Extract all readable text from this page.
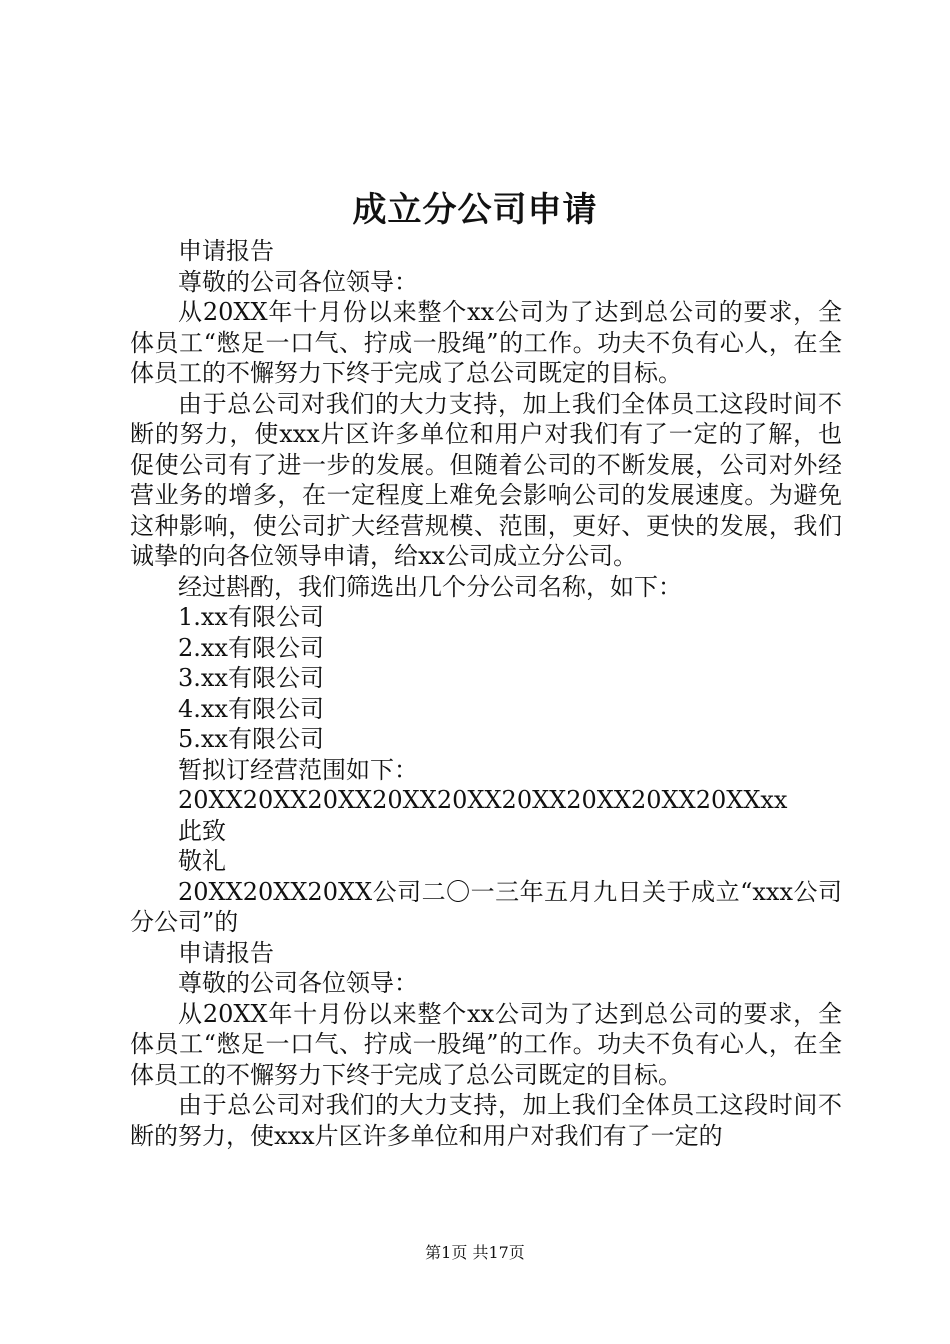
成立分公司申请

申请报告

尊敬的公司各位领导：

从20XX年十月份以来整个xx公司为了达到总公司的要求，全体员工“憋足一口气、拧成一股绳”的工作。功夫不负有心人，在全体员工的不懈努力下终于完成了总公司既定的目标。

由于总公司对我们的大力支持，加上我们全体员工这段时间不断的努力，使xxx片区许多单位和用户对我们有了一定的了解，也促使公司有了进一步的发展。但随着公司的不断发展，公司对外经营业务的增多，在一定程度上难免会影响公司的发展速度。为避免这种影响，使公司扩大经营规模、范围，更好、更快的发展，我们诚挚的向各位领导申请，给xx公司成立分公司。

经过斟酌，我们筛选出几个分公司名称，如下：

1.xx有限公司

2.xx有限公司

3.xx有限公司

4.xx有限公司

5.xx有限公司

暂拟订经营范围如下：

20XX20XX20XX20XX20XX20XX20XX20XX20XXxx

此致

敬礼

20XX20XX20XX公司二〇一三年五月九日关于成立“xxx公司分公司”的

申请报告

尊敬的公司各位领导：

从20XX年十月份以来整个xx公司为了达到总公司的要求，全体员工“憋足一口气、拧成一股绳”的工作。功夫不负有心人，在全体员工的不懈努力下终于完成了总公司既定的目标。

由于总公司对我们的大力支持，加上我们全体员工这段时间不断的努力，使xxx片区许多单位和用户对我们有了一定的

第1页 共17页
